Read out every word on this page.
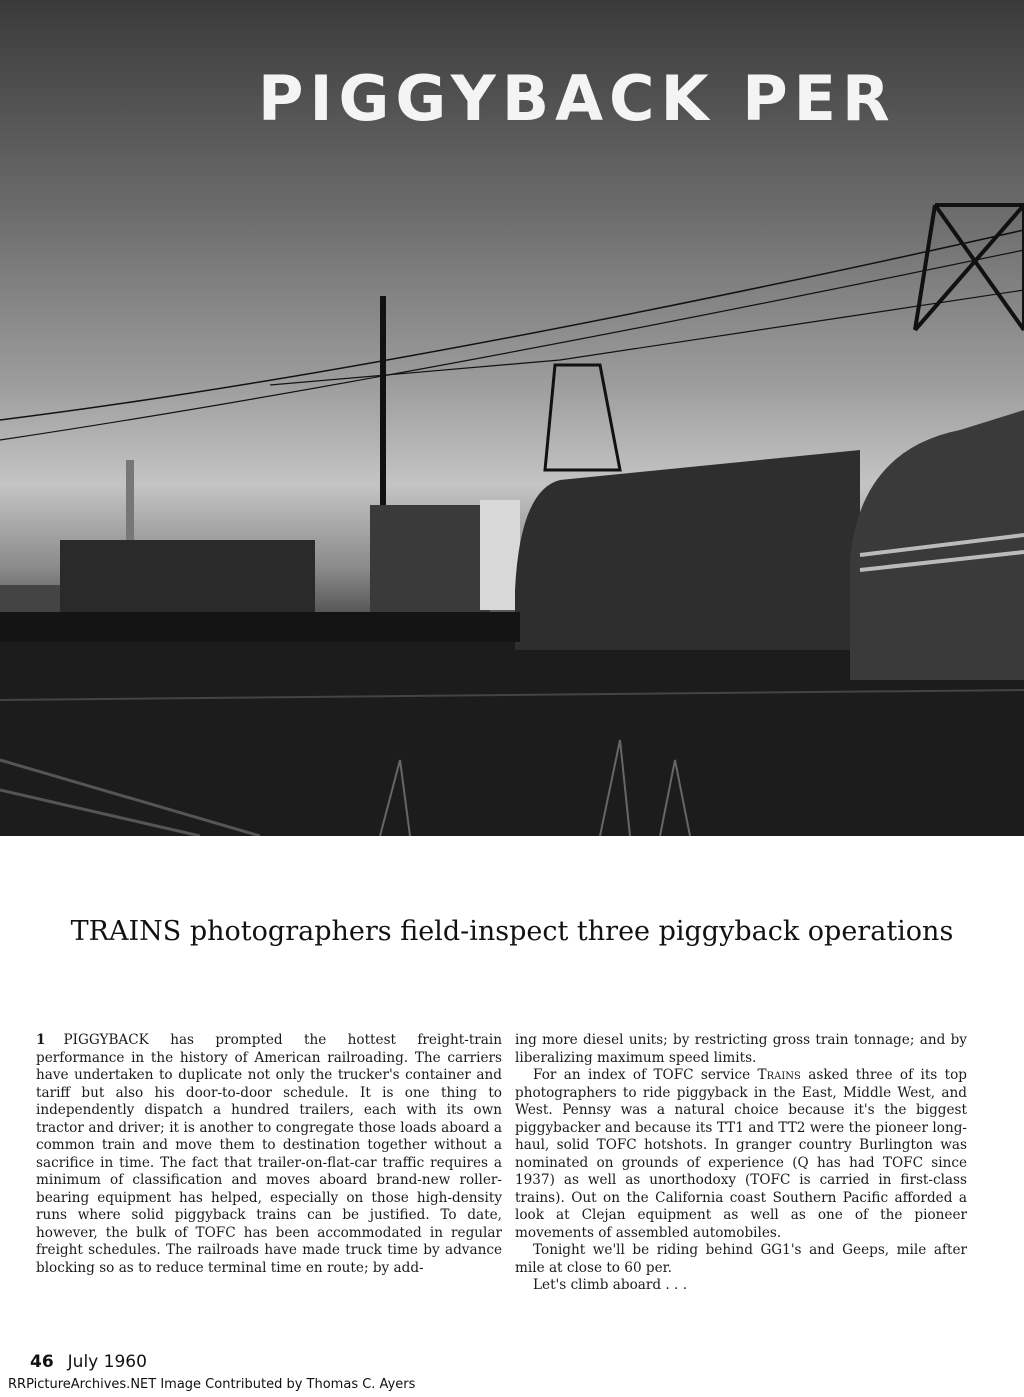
PIGGYBACK PER
TRAINS photographers field-inspect three piggyback operations

1 PIGGYBACK has prompted the hottest freight-train performance in the history of American railroading. The carriers have undertaken to duplicate not only the trucker's container and tariff but also his door-to-door schedule. It is one thing to independently dispatch a hundred trailers, each with its own tractor and driver; it is another to congregate those loads aboard a common train and move them to destination together without a sacrifice in time. The fact that trailer-on-flat-car traffic requires a minimum of classification and moves aboard brand-new roller-bearing equipment has helped, especially on those high-density runs where solid piggyback trains can be justified. To date, however, the bulk of TOFC has been accommodated in regular freight schedules. The railroads have made truck time by advance blocking so as to reduce terminal time en route; by add-

ing more diesel units; by restricting gross train tonnage; and by liberalizing maximum speed limits.

For an index of TOFC service Trains asked three of its top photographers to ride piggyback in the East, Middle West, and West. Pennsy was a natural choice because it's the biggest piggybacker and because its TT1 and TT2 were the pioneer long-haul, solid TOFC hotshots. In granger country Burlington was nominated on grounds of experience (Q has had TOFC since 1937) as well as unorthodoxy (TOFC is carried in first-class trains). Out on the California coast Southern Pacific afforded a look at Clejan equipment as well as one of the pioneer movements of assembled automobiles.

Tonight we'll be riding behind GG1's and Geeps, mile after mile at close to 60 per.

Let's climb aboard . . .

46 July 1960
RRPictureArchives.NET Image Contributed by Thomas C. Ayers
